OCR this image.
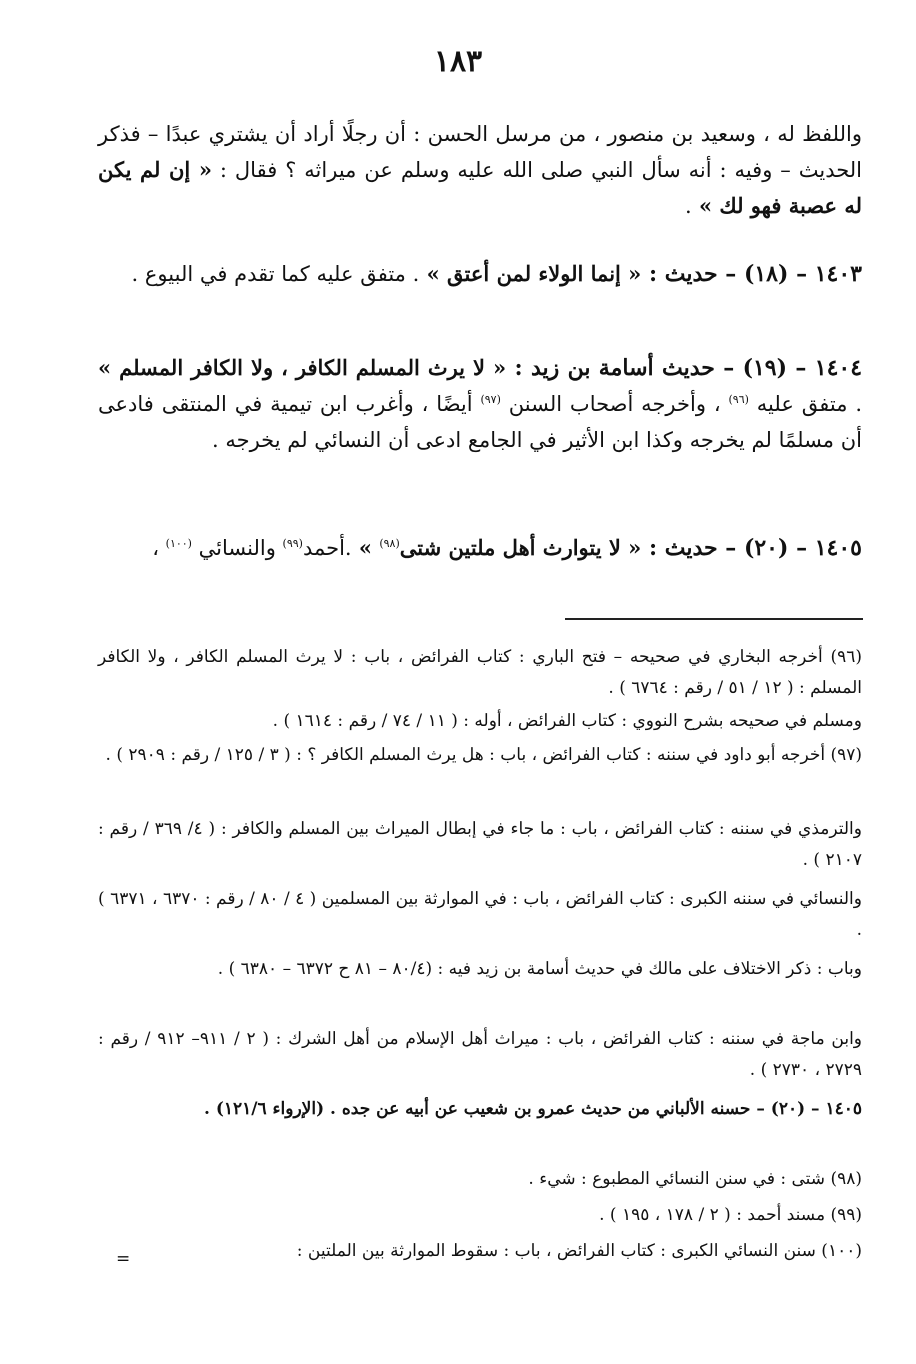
١٨٣

واللفظ له ، وسعيد بن منصور ، من مرسل الحسن : أن رجلًا أراد أن يشتري عبدًا – فذكر الحديث – وفيه : أنه سأل النبي صلى الله عليه وسلم عن ميراثه ؟ فقال : « إن لم يكن له عصبة فهو لك » .

١٤٠٣ – (١٨) – حديث : « إنما الولاء لمن أعتق » . متفق عليه كما تقدم في البيوع .

١٤٠٤ – (١٩) – حديث أسامة بن زيد : « لا يرث المسلم الكافر ، ولا الكافر المسلم » . متفق عليه $^{(٩٦)}$ ، وأخرجه أصحاب السنن $^{(٩٧)}$ أيضًا ، وأغرب ابن تيمية في المنتقى فادعى أن مسلمًا لم يخرجه وكذا ابن الأثير في الجامع ادعى أن النسائي لم يخرجه .

١٤٠٥ – (٢٠) – حديث : « لا يتوارث أهل ملتين شتى$^{(٩٨)}$ » .أحمد$^{(٩٩)}$ والنسائي $^{(١٠٠)}$ ،

(٩٦) أخرجه البخاري في صحيحه – فتح الباري : كتاب الفرائض ، باب : لا يرث المسلم الكافر ، ولا الكافر المسلم : ( ١٢ / ٥١ / رقم : ٦٧٦٤ ) .

ومسلم في صحيحه بشرح النووي : كتاب الفرائض ، أوله : ( ١١ / ٧٤ / رقم : ١٦١٤ ) .

(٩٧) أخرجه أبو داود في سننه : كتاب الفرائض ، باب : هل يرث المسلم الكافر ؟ : ( ٣ / ١٢٥ / رقم : ٢٩٠٩ ) .

والترمذي في سننه : كتاب الفرائض ، باب : ما جاء في إبطال الميراث بين المسلم والكافر : ( ٤/ ٣٦٩ / رقم : ٢١٠٧ ) .

والنسائي في سننه الكبرى : كتاب الفرائض ، باب : في الموارثة بين المسلمين ( ٤ / ٨٠ / رقم : ٦٣٧٠ ، ٦٣٧١ ) .

وباب : ذكر الاختلاف على مالك في حديث أسامة بن زيد فيه : (٨٠/٤ – ٨١ ح ٦٣٧٢ – ٦٣٨٠ ) .

وابن ماجة في سننه : كتاب الفرائض ، باب : ميراث أهل الإسلام من أهل الشرك : ( ٢ / ٩١١– ٩١٢ / رقم : ٢٧٢٩ ، ٢٧٣٠ ) .

١٤٠٥ – (٢٠) – حسنه الألباني من حديث عمرو بن شعيب عن أبيه عن جده . (الإرواء ١٢١/٦) .

(٩٨) شتى : في سنن النسائي المطبوع : شيء .

(٩٩) مسند أحمد : ( ٢ / ١٧٨ ، ١٩٥ ) .

(١٠٠) سنن النسائي الكبرى : كتاب الفرائض ، باب : سقوط الموارثة بين الملتين :

=
